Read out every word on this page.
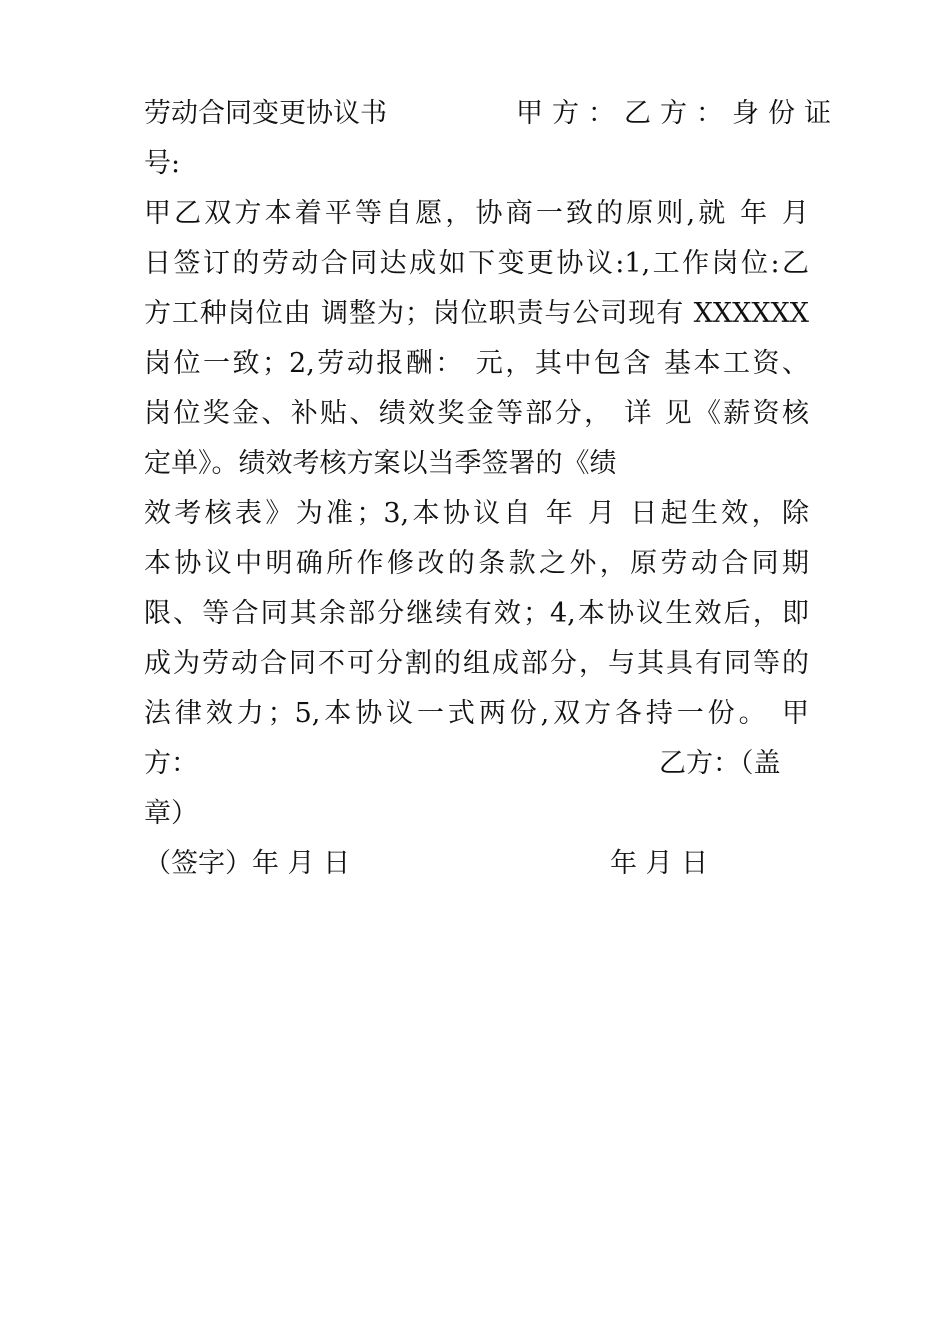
劳动合同变更协议书	甲方：乙方：身份证
号:
甲乙双方本着平等自愿，协商一致的原则,就 年 月
日签订的劳动合同达成如下变更协议:1,工作岗位:乙
方工种岗位由 调整为；岗位职责与公司现有 XXXXXX
岗位一致；2,劳动报酬： 元，其中包含 基本工资、
岗位奖金、补贴、绩效奖金等部分， 详 见《薪资核
定单》。绩效考核方案以当季签署的《绩
效考核表》为准；3,本协议自 年 月 日起生效，除
本协议中明确所作修改的条款之外，原劳动合同期
限、等合同其余部分继续有效；4,本协议生效后，即
成为劳动合同不可分割的组成部分，与其具有同等的
法律效力；5,本协议一式两份,双方各持一份。 甲
方：	乙方：（盖
章）
（签字）年 月 日	年 月 日
